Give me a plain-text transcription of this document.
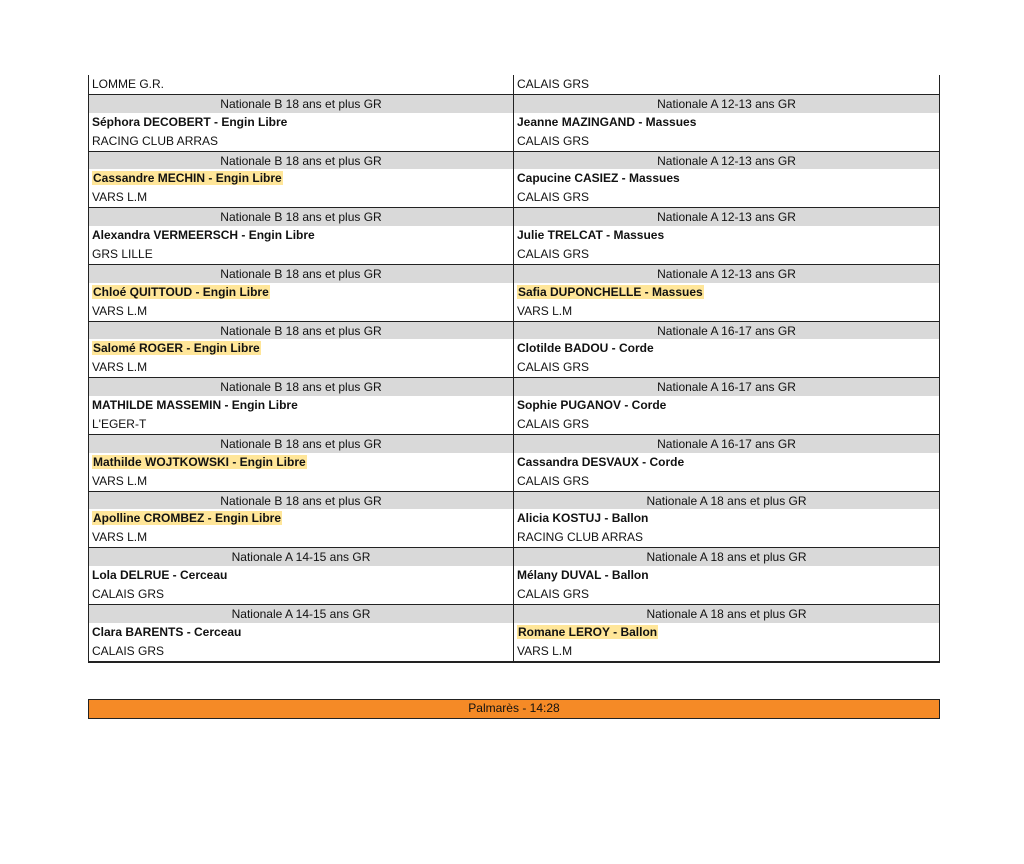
LOMME G.R.	CALAIS GRS
Nationale B 18 ans et plus GR	Nationale A 12-13 ans GR
Séphora DECOBERT - Engin Libre	Jeanne MAZINGAND - Massues
RACING CLUB ARRAS	CALAIS GRS
Nationale B 18 ans et plus GR	Nationale A 12-13 ans GR
Cassandre MECHIN - Engin Libre	Capucine CASIEZ - Massues
VARS L.M	CALAIS GRS
Nationale B 18 ans et plus GR	Nationale A 12-13 ans GR
Alexandra VERMEERSCH - Engin Libre	Julie TRELCAT - Massues
GRS LILLE	CALAIS GRS
Nationale B 18 ans et plus GR	Nationale A 12-13 ans GR
Chloé QUITTOUD - Engin Libre	Safia DUPONCHELLE - Massues
VARS L.M	VARS L.M
Nationale B 18 ans et plus GR	Nationale A 16-17 ans GR
Salomé ROGER - Engin Libre	Clotilde BADOU - Corde
VARS L.M	CALAIS GRS
Nationale B 18 ans et plus GR	Nationale A 16-17 ans GR
MATHILDE MASSEMIN - Engin Libre	Sophie PUGANOV - Corde
L'EGER-T	CALAIS GRS
Nationale B 18 ans et plus GR	Nationale A 16-17 ans GR
Mathilde WOJTKOWSKI - Engin Libre	Cassandra DESVAUX - Corde
VARS L.M	CALAIS GRS
Nationale B 18 ans et plus GR	Nationale A 18 ans et plus GR
Apolline CROMBEZ - Engin Libre	Alicia KOSTUJ - Ballon
VARS L.M	RACING CLUB ARRAS
Nationale A 14-15 ans GR	Nationale A 18 ans et plus GR
Lola DELRUE - Cerceau	Mélany DUVAL - Ballon
CALAIS GRS	CALAIS GRS
Nationale A 14-15 ans GR	Nationale A 18 ans et plus GR
Clara BARENTS - Cerceau	Romane LEROY - Ballon
CALAIS GRS	VARS L.M
Palmarès - 14:28
